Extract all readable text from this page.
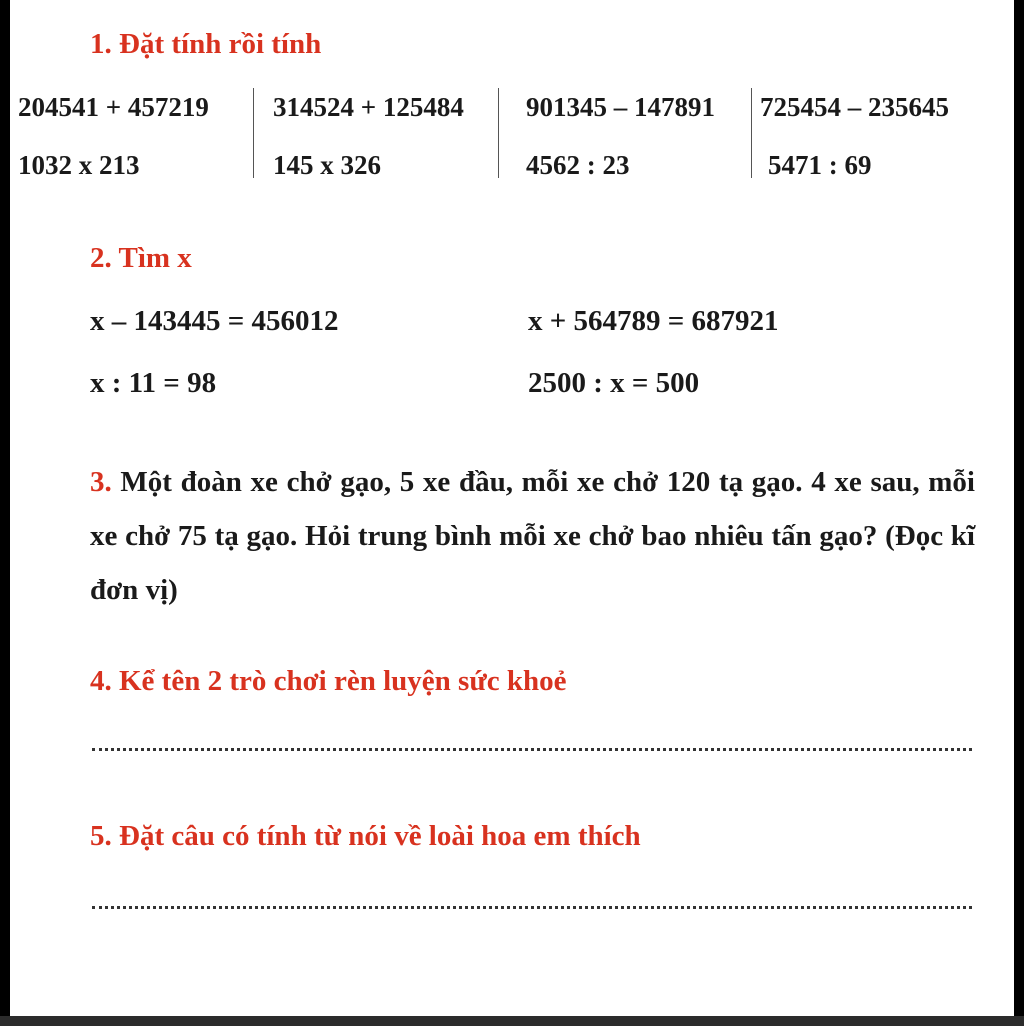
1. Đặt tính rồi tính
204541 + 457219
1032 x 213
314524 + 125484
145 x 326
901345 – 147891
4562 : 23
725454 – 235645
5471 : 69
2. Tìm x
x – 143445 = 456012	x + 564789 = 687921
x : 11 = 98	2500 : x = 500
3. Một đoàn xe chở gạo, 5 xe đầu, mỗi xe chở 120 tạ gạo. 4 xe sau, mỗi xe chở 75 tạ gạo. Hỏi trung bình mỗi xe chở bao nhiêu tấn gạo? (Đọc kĩ đơn vị)
4. Kể tên 2 trò chơi rèn luyện sức khoẻ
5. Đặt câu có tính từ nói về loài hoa em thích
